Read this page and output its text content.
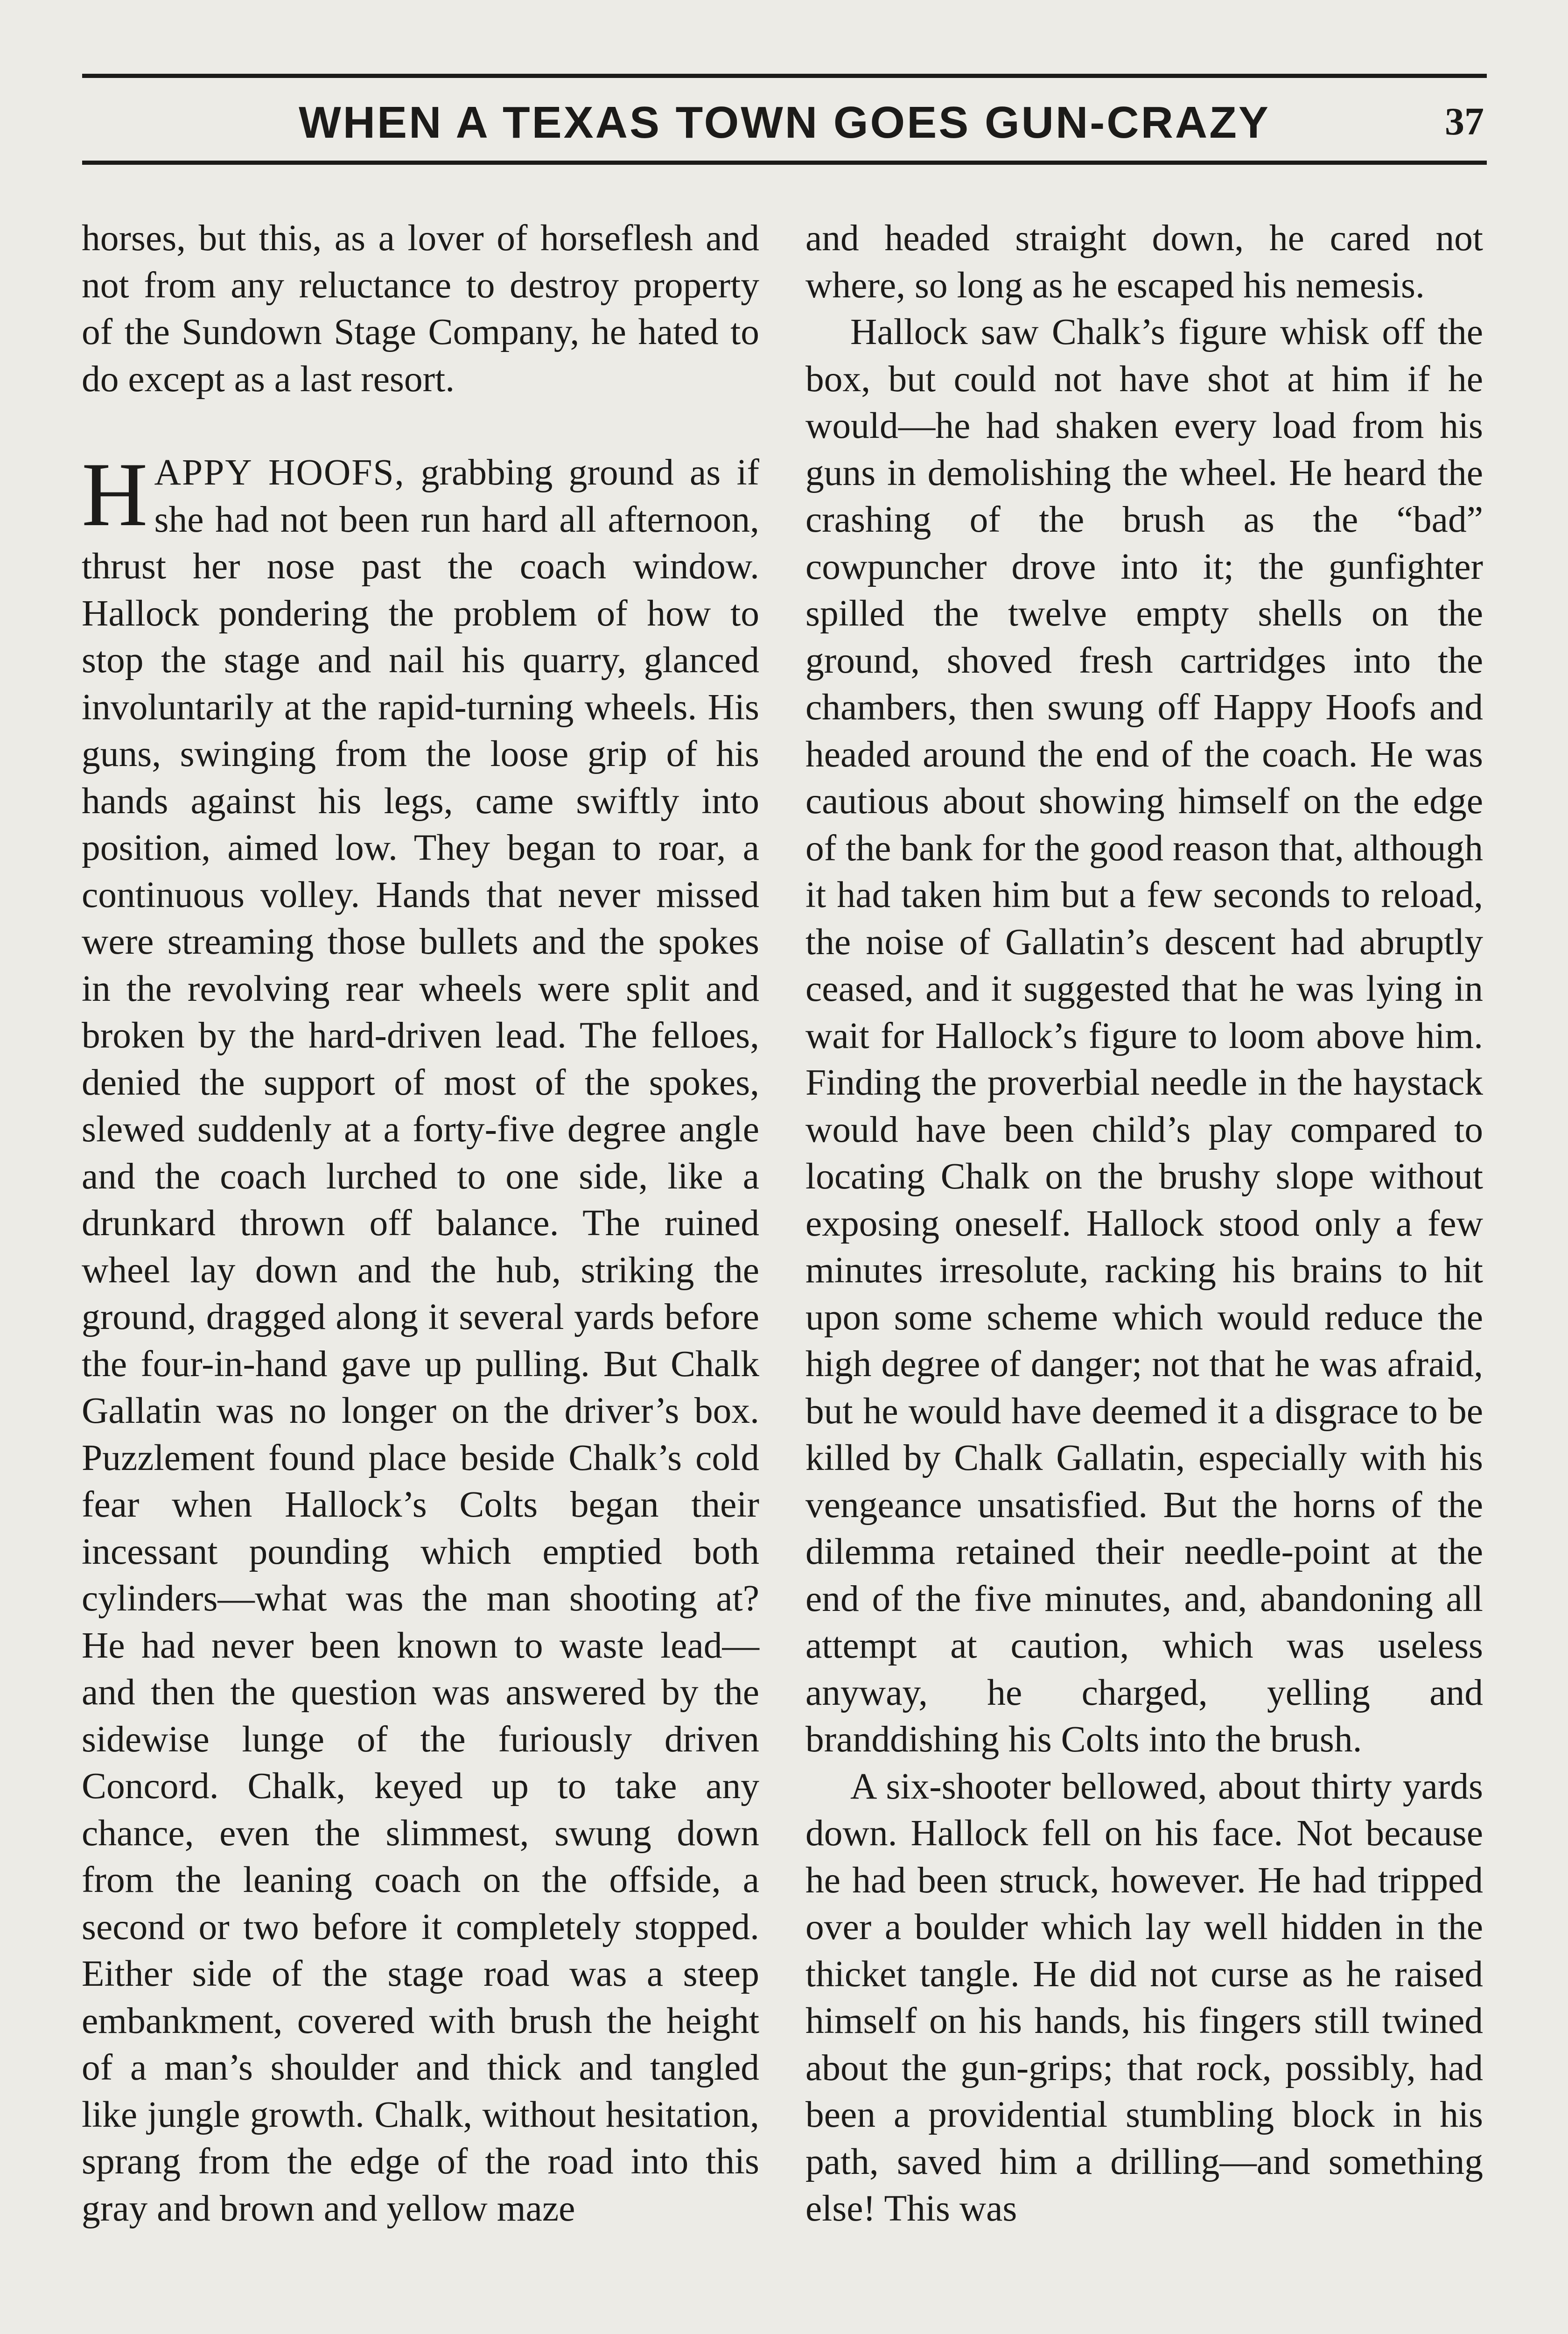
WHEN A TEXAS TOWN GOES GUN-CRAZY	37

horses, but this, as a lover of horseflesh and not from any reluctance to destroy property of the Sundown Stage Company, he hated to do except as a last resort.

HAPPY HOOFS, grabbing ground as if she had not been run hard all afternoon, thrust her nose past the coach window. Hallock pondering the problem of how to stop the stage and nail his quarry, glanced involuntarily at the rapid-turning wheels. His guns, swinging from the loose grip of his hands against his legs, came swiftly into position, aimed low. They began to roar, a continuous volley. Hands that never missed were streaming those bullets and the spokes in the revolving rear wheels were split and broken by the hard-driven lead. The felloes, denied the support of most of the spokes, slewed suddenly at a forty-five degree angle and the coach lurched to one side, like a drunkard thrown off balance. The ruined wheel lay down and the hub, striking the ground, dragged along it several yards before the four-in-hand gave up pulling. But Chalk Gallatin was no longer on the driver’s box. Puzzlement found place beside Chalk’s cold fear when Hallock’s Colts began their incessant pounding which emptied both cylinders—what was the man shooting at? He had never been known to waste lead—and then the question was answered by the sidewise lunge of the furiously driven Concord. Chalk, keyed up to take any chance, even the slimmest, swung down from the leaning coach on the offside, a second or two before it completely stopped. Either side of the stage road was a steep embankment, covered with brush the height of a man’s shoulder and thick and tangled like jungle growth. Chalk, without hesitation, sprang from the edge of the road into this gray and brown and yellow maze

and headed straight down, he cared not where, so long as he escaped his nemesis.

Hallock saw Chalk’s figure whisk off the box, but could not have shot at him if he would—he had shaken every load from his guns in demolishing the wheel. He heard the crashing of the brush as the “bad” cowpuncher drove into it; the gunfighter spilled the twelve empty shells on the ground, shoved fresh cartridges into the chambers, then swung off Happy Hoofs and headed around the end of the coach. He was cautious about showing himself on the edge of the bank for the good reason that, although it had taken him but a few seconds to reload, the noise of Gallatin’s descent had abruptly ceased, and it suggested that he was lying in wait for Hallock’s figure to loom above him. Finding the proverbial needle in the haystack would have been child’s play compared to locating Chalk on the brushy slope without exposing oneself. Hallock stood only a few minutes irresolute, racking his brains to hit upon some scheme which would reduce the high degree of danger; not that he was afraid, but he would have deemed it a disgrace to be killed by Chalk Gallatin, especially with his vengeance unsatisfied. But the horns of the dilemma retained their needle-point at the end of the five minutes, and, abandoning all attempt at caution, which was useless anyway, he charged, yelling and branddishing his Colts into the brush.

A six-shooter bellowed, about thirty yards down. Hallock fell on his face. Not because he had been struck, however. He had tripped over a boulder which lay well hidden in the thicket tangle. He did not curse as he raised himself on his hands, his fingers still twined about the gun-grips; that rock, possibly, had been a providential stumbling block in his path, saved him a drilling—and something else! This was
